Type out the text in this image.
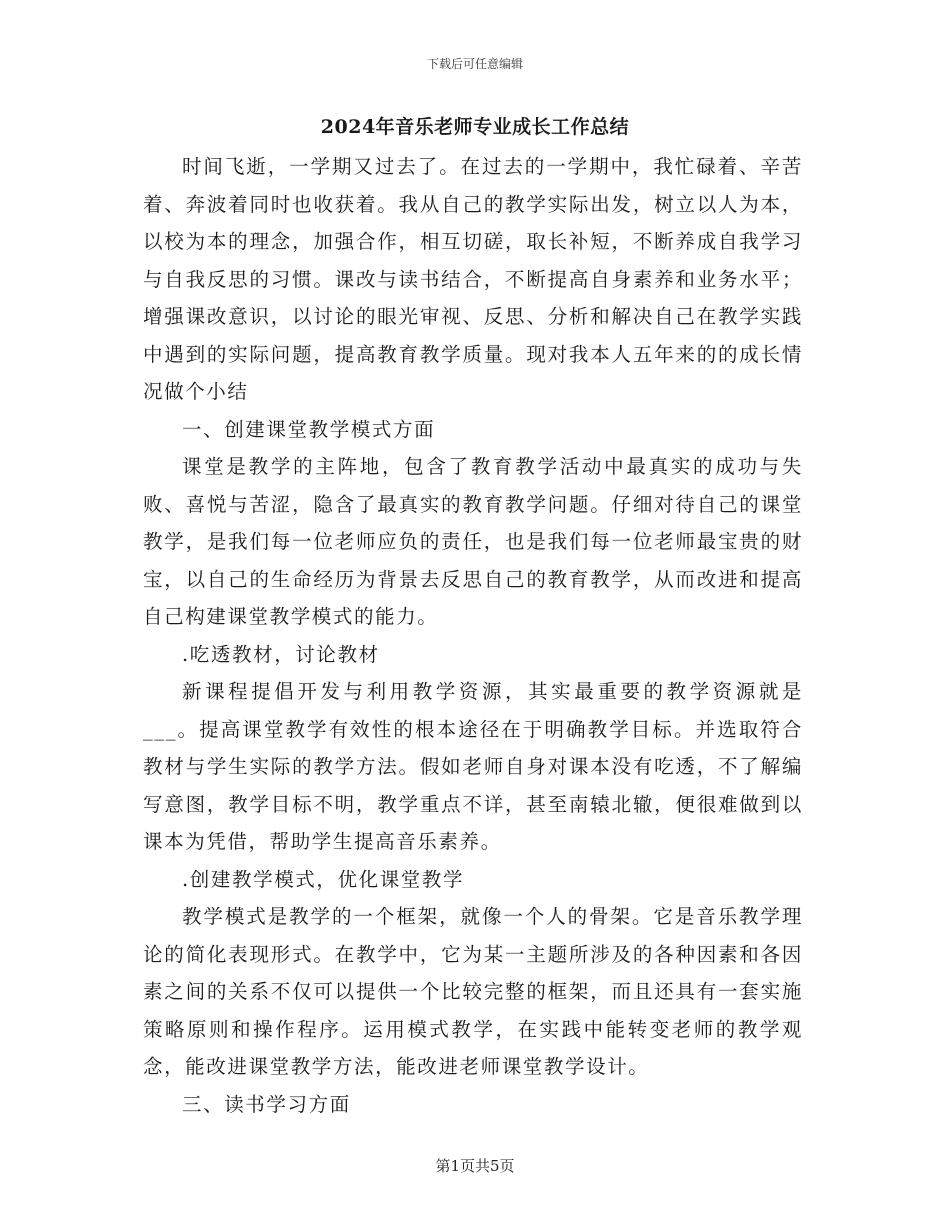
下载后可任意编辑
2024年音乐老师专业成长工作总结

时间飞逝，一学期又过去了。在过去的一学期中，我忙碌着、辛苦着、奔波着同时也收获着。我从自己的教学实际出发，树立以人为本，以校为本的理念，加强合作，相互切磋，取长补短，不断养成自我学习与自我反思的习惯。课改与读书结合，不断提高自身素养和业务水平；增强课改意识，以讨论的眼光审视、反思、分析和解决自己在教学实践中遇到的实际问题，提高教育教学质量。现对我本人五年来的的成长情况做个小结

一、创建课堂教学模式方面

课堂是教学的主阵地，包含了教育教学活动中最真实的成功与失败、喜悦与苦涩，隐含了最真实的教育教学问题。仔细对待自己的课堂教学，是我们每一位老师应负的责任，也是我们每一位老师最宝贵的财宝，以自己的生命经历为背景去反思自己的教育教学，从而改进和提高自己构建课堂教学模式的能力。

.吃透教材，讨论教材

新课程提倡开发与利用教学资源，其实最重要的教学资源就是___。提高课堂教学有效性的根本途径在于明确教学目标。并选取符合教材与学生实际的教学方法。假如老师自身对课本没有吃透，不了解编写意图，教学目标不明，教学重点不详，甚至南辕北辙，便很难做到以课本为凭借，帮助学生提高音乐素养。

.创建教学模式，优化课堂教学

教学模式是教学的一个框架，就像一个人的骨架。它是音乐教学理论的简化表现形式。在教学中，它为某一主题所涉及的各种因素和各因素之间的关系不仅可以提供一个比较完整的框架，而且还具有一套实施策略原则和操作程序。运用模式教学，在实践中能转变老师的教学观念，能改进课堂教学方法，能改进老师课堂教学设计。

三、读书学习方面

第1页共5页
